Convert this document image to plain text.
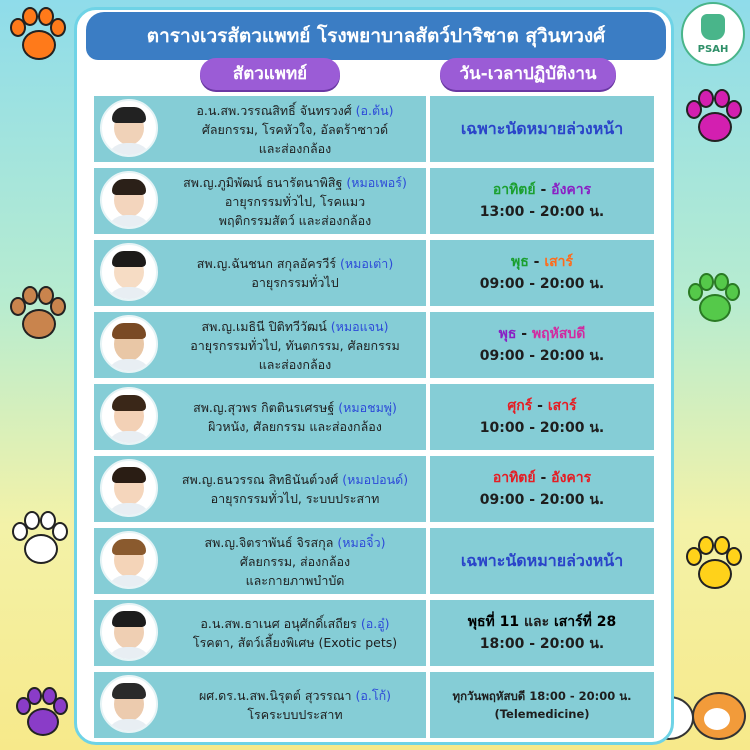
PSAH
ตารางเวรสัตวแพทย์ โรงพยาบาลสัตว์ปาริชาต สุวินทวงศ์
สัตวแพทย์	วัน-เวลาปฏิบัติงาน
อ.น.สพ.วรรณสิทธิ์ จันทรวงศ์ (อ.ต้น)
ศัลยกรรม, โรคหัวใจ, อัลตร้าซาวด์
และส่องกล้อง
เฉพาะนัดหมายล่วงหน้า
สพ.ญ.ภูมิพัฒน์ ธนารัตนาพิสิฐ (หมอเพอร์)
อายุรกรรมทั่วไป, โรคแมว
พฤติกรรมสัตว์ และส่องกล้อง
อาทิตย์ - อังคาร
13:00 - 20:00 น.
สพ.ญ.ฉันชนก สกุลอัครวีร์ (หมอเต่า)
อายุรกรรมทั่วไป
พุธ - เสาร์
09:00 - 20:00 น.
สพ.ญ.เมธินี ปิติทวีวัฒน์ (หมอแจน)
อายุรกรรมทั่วไป, ทันตกรรม, ศัลยกรรม
และส่องกล้อง
พุธ - พฤหัสบดี
09:00 - 20:00 น.
สพ.ญ.สุวพร กิตตินรเศรษฐ์ (หมอชมพู่)
ผิวหนัง, ศัลยกรรม และส่องกล้อง
ศุกร์ - เสาร์
10:00 - 20:00 น.
สพ.ญ.ธนวรรณ สิทธินันต์วงศ์ (หมอปอนด์)
อายุรกรรมทั่วไป, ระบบประสาท
อาทิตย์ - อังคาร
09:00 - 20:00 น.
สพ.ญ.จิตราพันธ์ จิรสกุล (หมอจิ๋ว)
ศัลยกรรม, ส่องกล้อง
และกายภาพบำบัด
เฉพาะนัดหมายล่วงหน้า
อ.น.สพ.ธาเนศ อนุศักดิ์เสถียร (อ.อู๋)
โรคตา, สัตว์เลี้ยงพิเศษ (Exotic pets)
พุธที่ 11 และ เสาร์ที่ 28
18:00 - 20:00 น.
ผศ.ดร.น.สพ.นิรุตต์ สุวรรณา (อ.โก้)
โรคระบบประสาท
ทุกวันพฤหัสบดี 18:00 - 20:00 น.
(Telemedicine)
